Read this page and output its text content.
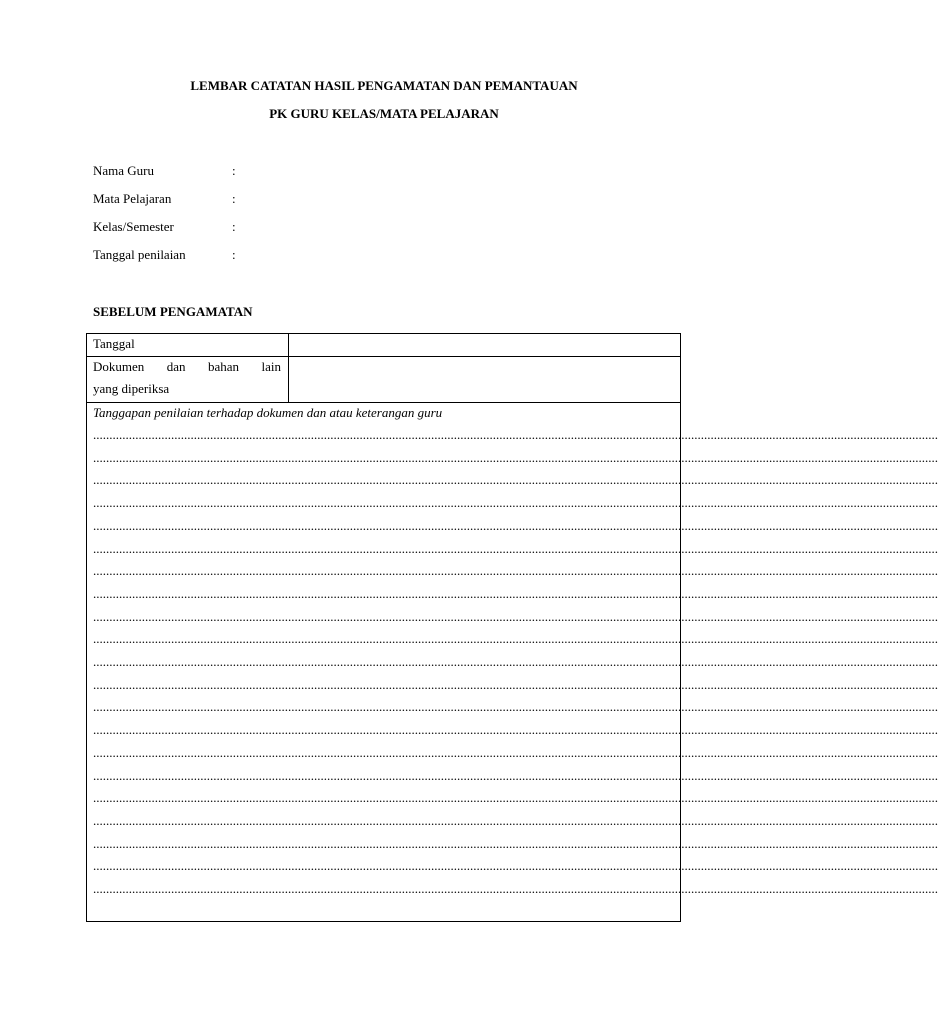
LEMBAR CATATAN HASIL PENGAMATAN DAN PEMANTAUAN
PK GURU KELAS/MATA PELAJARAN
Nama Guru	:
Mata Pelajaran	:
Kelas/Semester	:
Tanggal penilaian	:
SEBELUM PENGAMATAN
Tanggal
Dokumen dan bahan lain
yang diperiksa
Tanggapan penilaian terhadap dokumen dan atau keterangan guru
....................................................................................................................................................................................................................................................................
....................................................................................................................................................................................................................................................................
....................................................................................................................................................................................................................................................................
....................................................................................................................................................................................................................................................................
....................................................................................................................................................................................................................................................................
....................................................................................................................................................................................................................................................................
....................................................................................................................................................................................................................................................................
....................................................................................................................................................................................................................................................................
....................................................................................................................................................................................................................................................................
....................................................................................................................................................................................................................................................................
....................................................................................................................................................................................................................................................................
....................................................................................................................................................................................................................................................................
....................................................................................................................................................................................................................................................................
....................................................................................................................................................................................................................................................................
....................................................................................................................................................................................................................................................................
....................................................................................................................................................................................................................................................................
....................................................................................................................................................................................................................................................................
....................................................................................................................................................................................................................................................................
....................................................................................................................................................................................................................................................................
....................................................................................................................................................................................................................................................................
....................................................................................................................................................................................................................................................................
